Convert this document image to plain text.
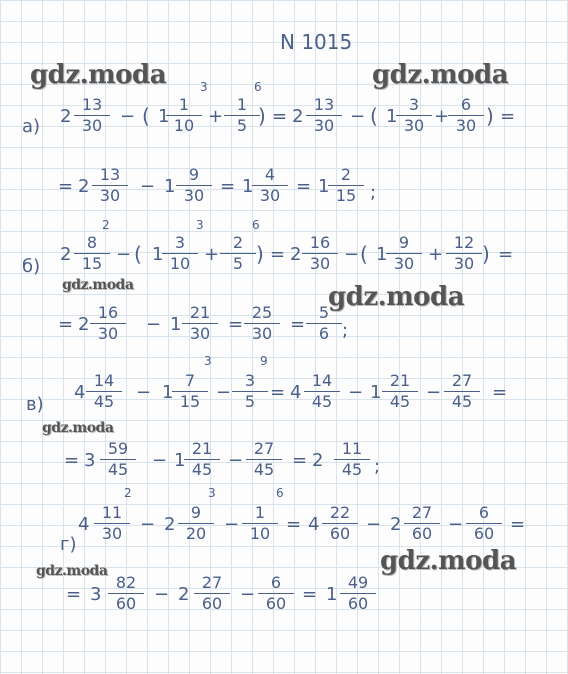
N 1015
gdz.moda	gdz.moda
gdz.moda	gdz.moda
gdz.moda
gdz.moda	gdz.moda
а) $2 \frac{13}{30}$ − ( 1
$\frac{1}{10}$
3
+ $\frac{1}{5}$
6
) = $2 \frac{13}{30}$ − ( 1
$\frac{3}{30}$ +
$\frac{6}{30}$ ) =
= $2 \frac{13}{30} - 1 \frac{9}{30} = 1$
$\frac{4}{30} = 1$
$\frac{2}{15}$ ;
б)
$2 \frac{8}{15}$
2
− ( 1
$\frac{3}{10}$
3
+ $\frac{2}{5}$
6
) = $2 \frac{16}{30}$ − ( 1
$\frac{9}{30} + \frac{12}{30}$ ) =
= $2 \frac{16}{30} - 1 \frac{21}{30} = \frac{25}{30} = \frac{5}{6}$ ;
в)
$4 \frac{14}{45} - 1$
$\frac{7}{15}$
3
− $\frac{3}{5}$
9
= $4 \frac{14}{45} - 1 \frac{21}{45} - \frac{27}{45}$ =
= $3 \frac{59}{45} - 1$
$\frac{21}{45} - \frac{27}{45} = 2 \frac{11}{45}$ ;
г)
$4 \frac{11}{30}$
2
− $2 \frac{9}{20}$
3
− $\frac{1}{10}$
6
= $4 \frac{22}{60} - 2 \frac{27}{60} - \frac{6}{60}$ =
= $3 \frac{82}{60} - 2 \frac{27}{60} - \frac{6}{60} = 1 \frac{49}{60}$
